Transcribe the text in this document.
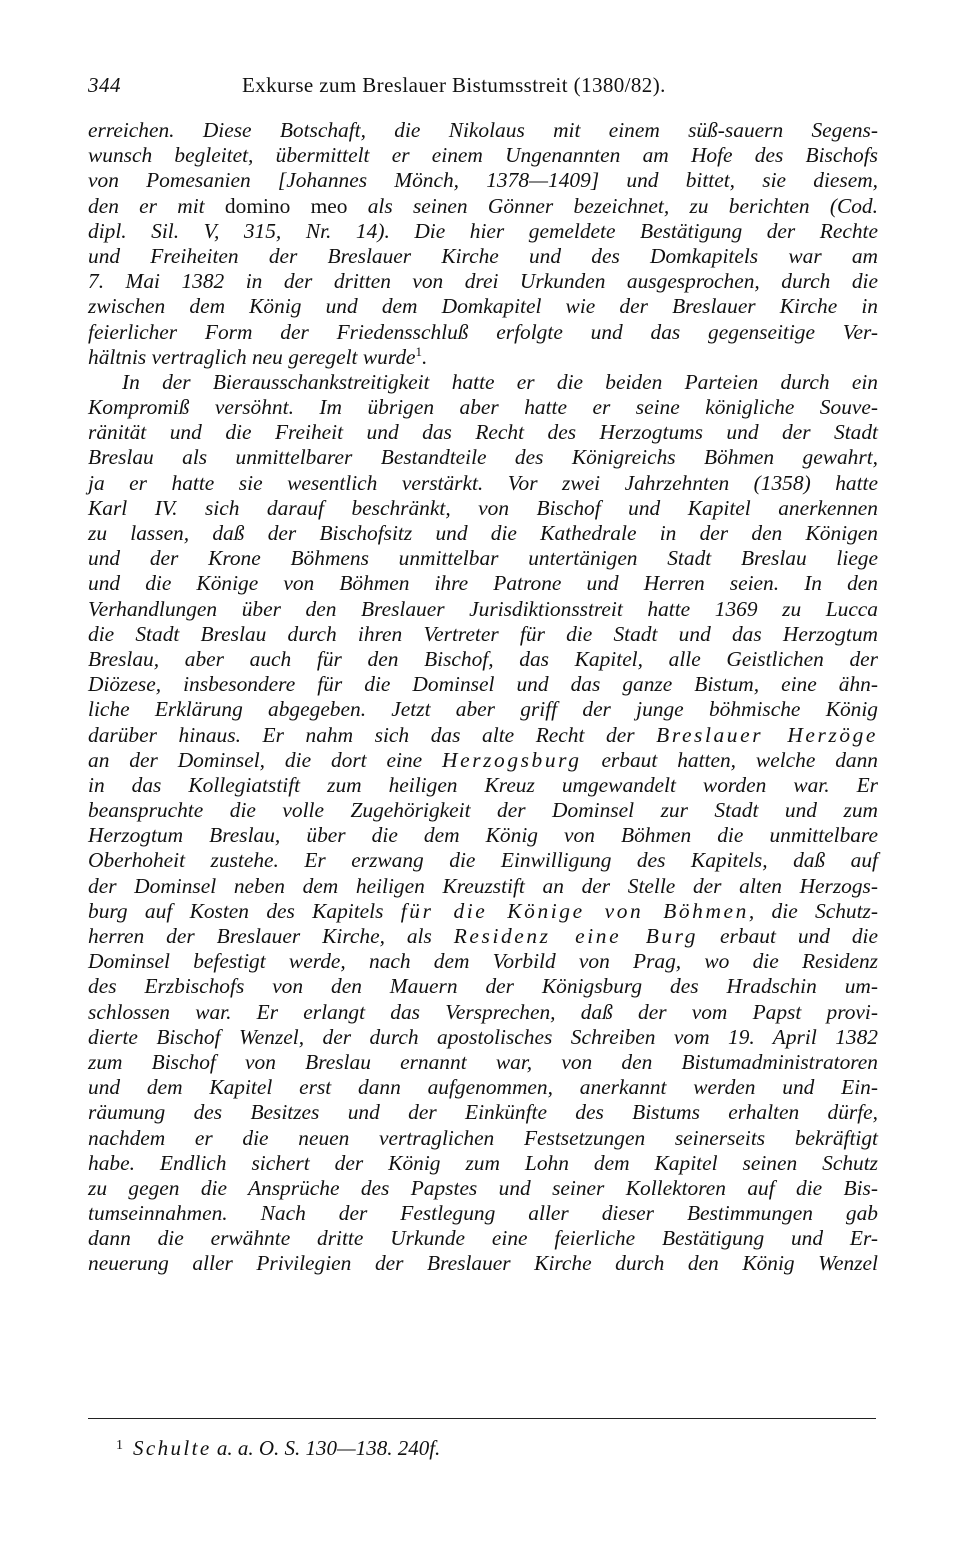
344	Exkurse zum Breslauer Bistumsstreit (1380/82).
erreichen. Diese Botschaft, die Nikolaus mit einem süß-sauern Segens-
wunsch begleitet, übermittelt er einem Ungenannten am Hofe des Bischofs
von Pomesanien [Johannes Mönch, 1378—1409] und bittet, sie diesem,
den er mit domino meo als seinen Gönner bezeichnet, zu berichten (Cod.
dipl. Sil. V, 315, Nr. 14). Die hier gemeldete Bestätigung der Rechte
und Freiheiten der Breslauer Kirche und des Domkapitels war am
7. Mai 1382 in der dritten von drei Urkunden ausgesprochen, durch die
zwischen dem König und dem Domkapitel wie der Breslauer Kirche in
feierlicher Form der Friedensschluß erfolgte und das gegenseitige Ver-
hältnis vertraglich neu geregelt wurde$^1$.
In der Bierausschankstreitigkeit hatte er die beiden Parteien durch ein
Kompromiß versöhnt. Im übrigen aber hatte er seine königliche Souve-
ränität und die Freiheit und das Recht des Herzogtums und der Stadt
Breslau als unmittelbarer Bestandteile des Königreichs Böhmen gewahrt,
ja er hatte sie wesentlich verstärkt. Vor zwei Jahrzehnten (1358) hatte
Karl IV. sich darauf beschränkt, von Bischof und Kapitel anerkennen
zu lassen, daß der Bischofsitz und die Kathedrale in der den Königen
und der Krone Böhmens unmittelbar untertänigen Stadt Breslau liege
und die Könige von Böhmen ihre Patrone und Herren seien. In den
Verhandlungen über den Breslauer Jurisdiktionsstreit hatte 1369 zu Lucca
die Stadt Breslau durch ihren Vertreter für die Stadt und das Herzogtum
Breslau, aber auch für den Bischof, das Kapitel, alle Geistlichen der
Diözese, insbesondere für die Dominsel und das ganze Bistum, eine ähn-
liche Erklärung abgegeben. Jetzt aber griff der junge böhmische König
darüber hinaus. Er nahm sich das alte Recht der Breslauer Herzöge
an der Dominsel, die dort eine Herzogsburg erbaut hatten, welche dann
in das Kollegiatstift zum heiligen Kreuz umgewandelt worden war. Er
beanspruchte die volle Zugehörigkeit der Dominsel zur Stadt und zum
Herzogtum Breslau, über die dem König von Böhmen die unmittelbare
Oberhoheit zustehe. Er erzwang die Einwilligung des Kapitels, daß auf
der Dominsel neben dem heiligen Kreuzstift an der Stelle der alten Herzogs-
burg auf Kosten des Kapitels für die Könige von Böhmen, die Schutz-
herren der Breslauer Kirche, als Residenz eine Burg erbaut und die
Dominsel befestigt werde, nach dem Vorbild von Prag, wo die Residenz
des Erzbischofs von den Mauern der Königsburg des Hradschin um-
schlossen war. Er erlangt das Versprechen, daß der vom Papst provi-
dierte Bischof Wenzel, der durch apostolisches Schreiben vom 19. April 1382
zum Bischof von Breslau ernannt war, von den Bistumadministratoren
und dem Kapitel erst dann aufgenommen, anerkannt werden und Ein-
räumung des Besitzes und der Einkünfte des Bistums erhalten dürfe,
nachdem er die neuen vertraglichen Festsetzungen seinerseits bekräftigt
habe. Endlich sichert der König zum Lohn dem Kapitel seinen Schutz
zu gegen die Ansprüche des Papstes und seiner Kollektoren auf die Bis-
tumseinnahmen. Nach der Festlegung aller dieser Bestimmungen gab
dann die erwähnte dritte Urkunde eine feierliche Bestätigung und Er-
neuerung aller Privilegien der Breslauer Kirche durch den König Wenzel
$^1$ Schulte a. a. O. S. 130—138. 240f.
